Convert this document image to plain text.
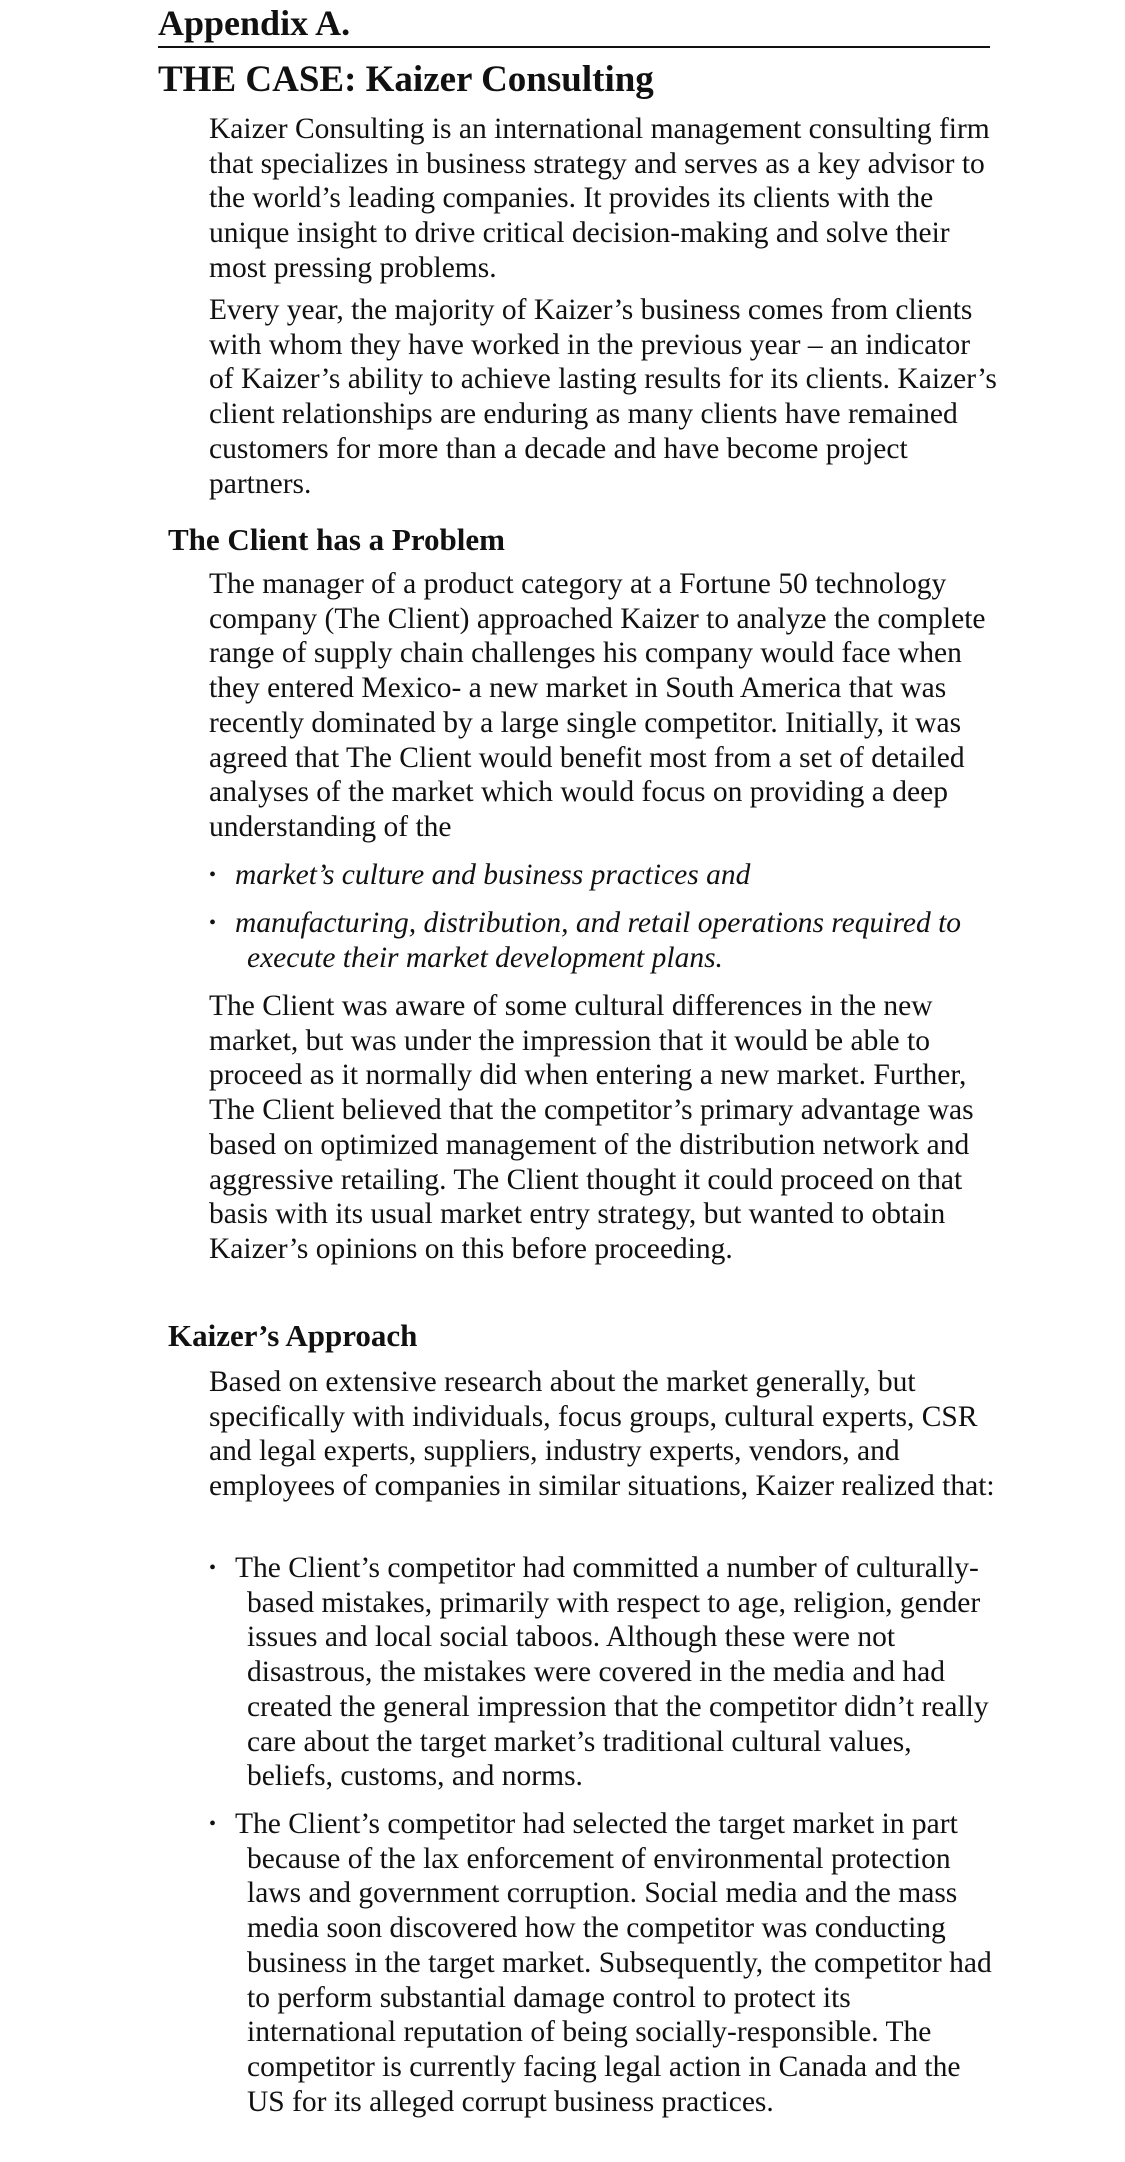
Appendix A.
THE CASE: Kaizer Consulting

Kaizer Consulting is an international management consulting firm that specializes in business strategy and serves as a key advisor to the world’s leading companies. It provides its clients with the unique insight to drive critical decision-making and solve their most pressing problems.

Every year, the majority of Kaizer’s business comes from clients with whom they have worked in the previous year – an indicator of Kaizer’s ability to achieve lasting results for its clients. Kaizer’s client relationships are enduring as many clients have remained customers for more than a decade and have become project partners.

The Client has a Problem

The manager of a product category at a Fortune 50 technology company (The Client) approached Kaizer to analyze the complete range of supply chain challenges his company would face when they entered Mexico- a new market in South America that was recently dominated by a large single competitor. Initially, it was agreed that The Client would benefit most from a set of detailed analyses of the market which would focus on providing a deep understanding of the

• market’s culture and business practices and
• manufacturing, distribution, and retail operations required to execute their market development plans.

The Client was aware of some cultural differences in the new market, but was under the impression that it would be able to proceed as it normally did when entering a new market. Further, The Client believed that the competitor’s primary advantage was based on optimized management of the distribution network and aggressive retailing. The Client thought it could proceed on that basis with its usual market entry strategy, but wanted to obtain Kaizer’s opinions on this before proceeding.

Kaizer’s Approach

Based on extensive research about the market generally, but specifically with individuals, focus groups, cultural experts, CSR and legal experts, suppliers, industry experts, vendors, and employees of companies in similar situations, Kaizer realized that:

• The Client’s competitor had committed a number of culturally-based mistakes, primarily with respect to age, religion, gender issues and local social taboos. Although these were not disastrous, the mistakes were covered in the media and had created the general impression that the competitor didn’t really care about the target market’s traditional cultural values, beliefs, customs, and norms.
• The Client’s competitor had selected the target market in part because of the lax enforcement of environmental protection laws and government corruption. Social media and the mass media soon discovered how the competitor was conducting business in the target market. Subsequently, the competitor had to perform substantial damage control to protect its international reputation of being socially-responsible. The competitor is currently facing legal action in Canada and the US for its alleged corrupt business practices.
